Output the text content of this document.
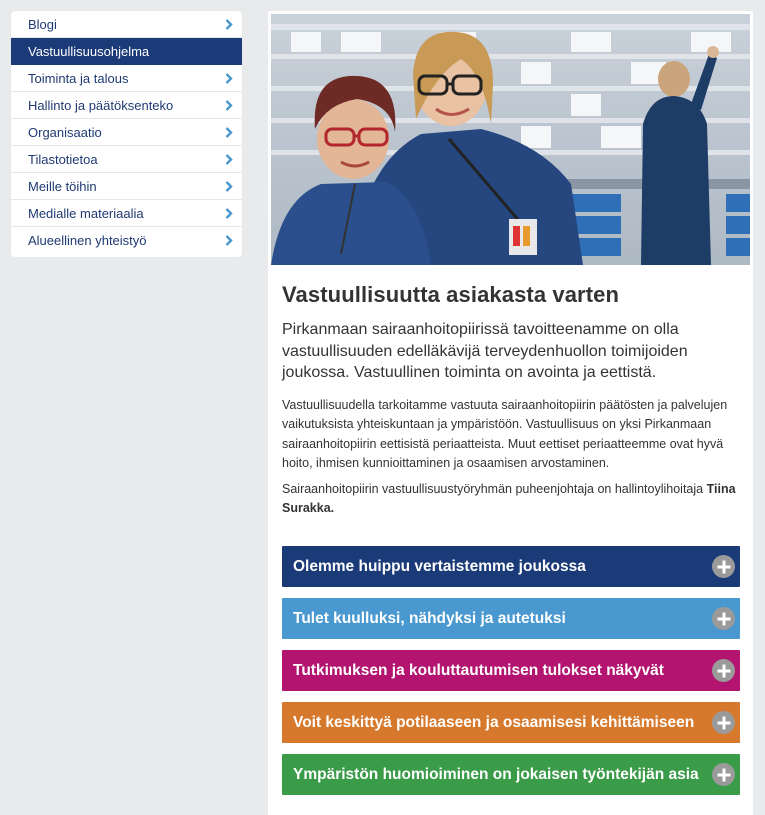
Blogi
Vastuullisuusohjelma
Toiminta ja talous
Hallinto ja päätöksenteko
Organisaatio
Tilastotietoa
Meille töihin
Medialle materiaalia
Alueellinen yhteistyö
Vastuullisuutta asiakasta varten

Pirkanmaan sairaanhoitopiirissä tavoitteenamme on olla vastuullisuuden edelläkävijä terveydenhuollon toimijoiden joukossa. Vastuullinen toiminta on avointa ja eettistä.

Vastuullisuudella tarkoitamme vastuuta sairaanhoitopiirin päätösten ja palvelujen vaikutuksista yhteiskuntaan ja ympäristöön. Vastuullisuus on yksi Pirkanmaan sairaanhoitopiirin eettisistä periaatteista. Muut eettiset periaatteemme ovat hyvä hoito, ihmisen kunnioittaminen ja osaamisen arvostaminen.

Sairaanhoitopiirin vastuullisuustyöryhmän puheenjohtaja on hallintoylihoitaja Tiina Surakka.

Olemme huippu vertaistemme joukossa
Tulet kuulluksi, nähdyksi ja autetuksi
Tutkimuksen ja kouluttautumisen tulokset näkyvät
Voit keskittyä potilaaseen ja osaamisesi kehittämiseen
Ympäristön huomioiminen on jokaisen työntekijän asia
